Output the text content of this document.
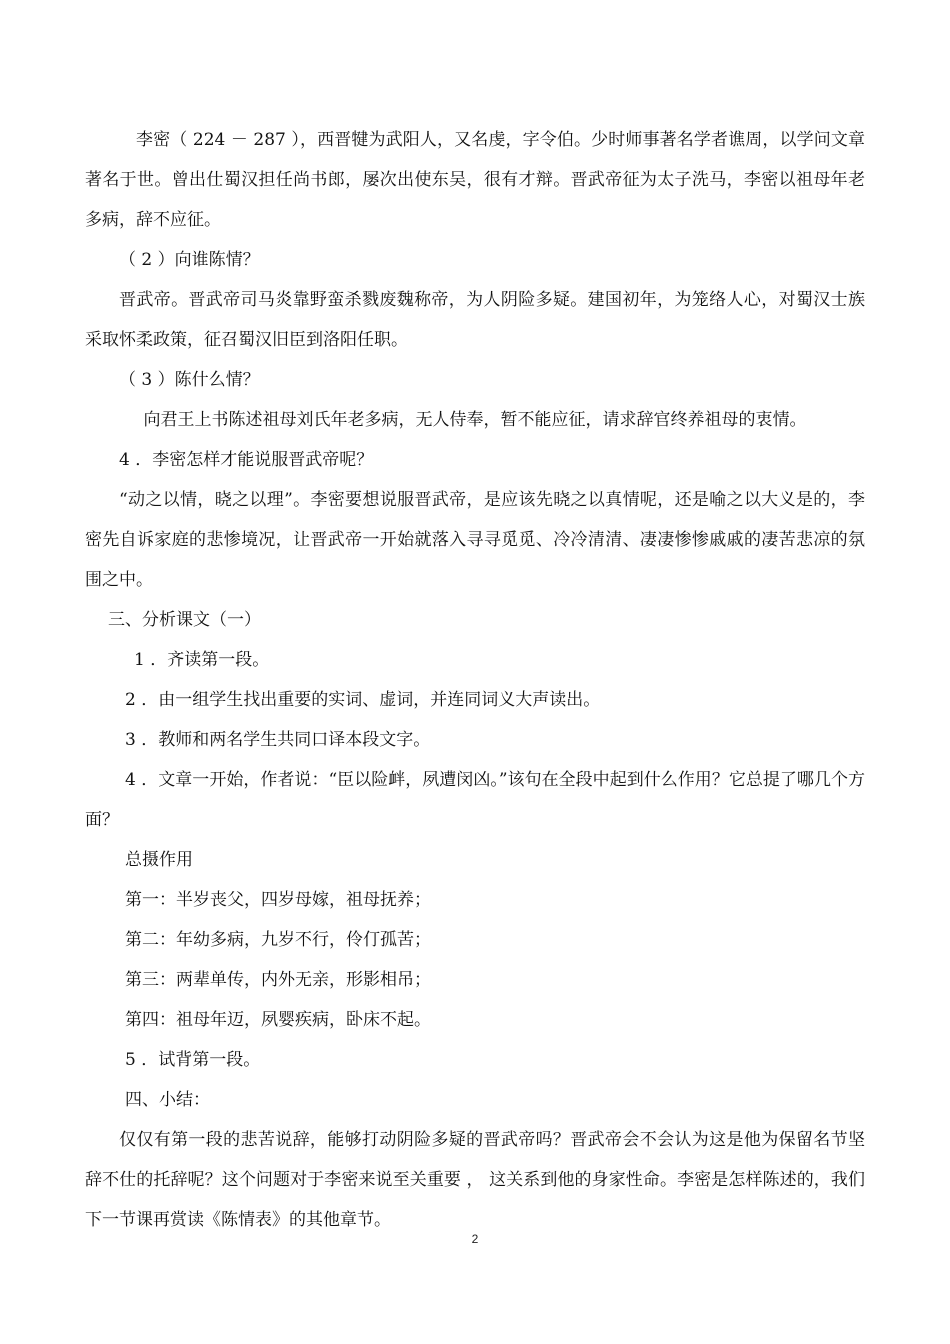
李密（ 224 － 287 ），西晋犍为武阳人，又名虔，字令伯。少时师事著名学者谯周，以学问文章著名于世。曾出仕蜀汉担任尚书郎，屡次出使东吴，很有才辩。晋武帝征为太子洗马，李密以祖母年老多病，辞不应征。

（ 2 ）向谁陈情？

晋武帝。晋武帝司马炎靠野蛮杀戮废魏称帝，为人阴险多疑。建国初年，为笼络人心，对蜀汉士族采取怀柔政策，征召蜀汉旧臣到洛阳任职。

（ 3 ）陈什么情？

向君王上书陈述祖母刘氏年老多病，无人侍奉，暂不能应征，请求辞官终养祖母的衷情。

4 ．李密怎样才能说服晋武帝呢？

“动之以情，晓之以理”。李密要想说服晋武帝，是应该先晓之以真情呢，还是喻之以大义是的，李密先自诉家庭的悲惨境况，让晋武帝一开始就落入寻寻觅觅、冷冷清清、凄凄惨惨戚戚的凄苦悲凉的氛围之中。

三、分析课文（一）

1 ．齐读第一段。

2 ．由一组学生找出重要的实词、虚词，并连同词义大声读出。

3 ．教师和两名学生共同口译本段文字。

4 ．文章一开始，作者说：“臣以险衅，夙遭闵凶。”该句在全段中起到什么作用？它总提了哪几个方面？

总摄作用

第一：半岁丧父，四岁母嫁，祖母抚养；

第二：年幼多病，九岁不行，伶仃孤苦；

第三：两辈单传，内外无亲，形影相吊；

第四：祖母年迈，夙婴疾病，卧床不起。

5 ．试背第一段。

四、小结：

仅仅有第一段的悲苦说辞，能够打动阴险多疑的晋武帝吗？晋武帝会不会认为这是他为保留名节坚辞不仕的托辞呢？这个问题对于李密来说至关重要 ， 这关系到他的身家性命。李密是怎样陈述的，我们下一节课再赏读《陈情表》的其他章节。

2
